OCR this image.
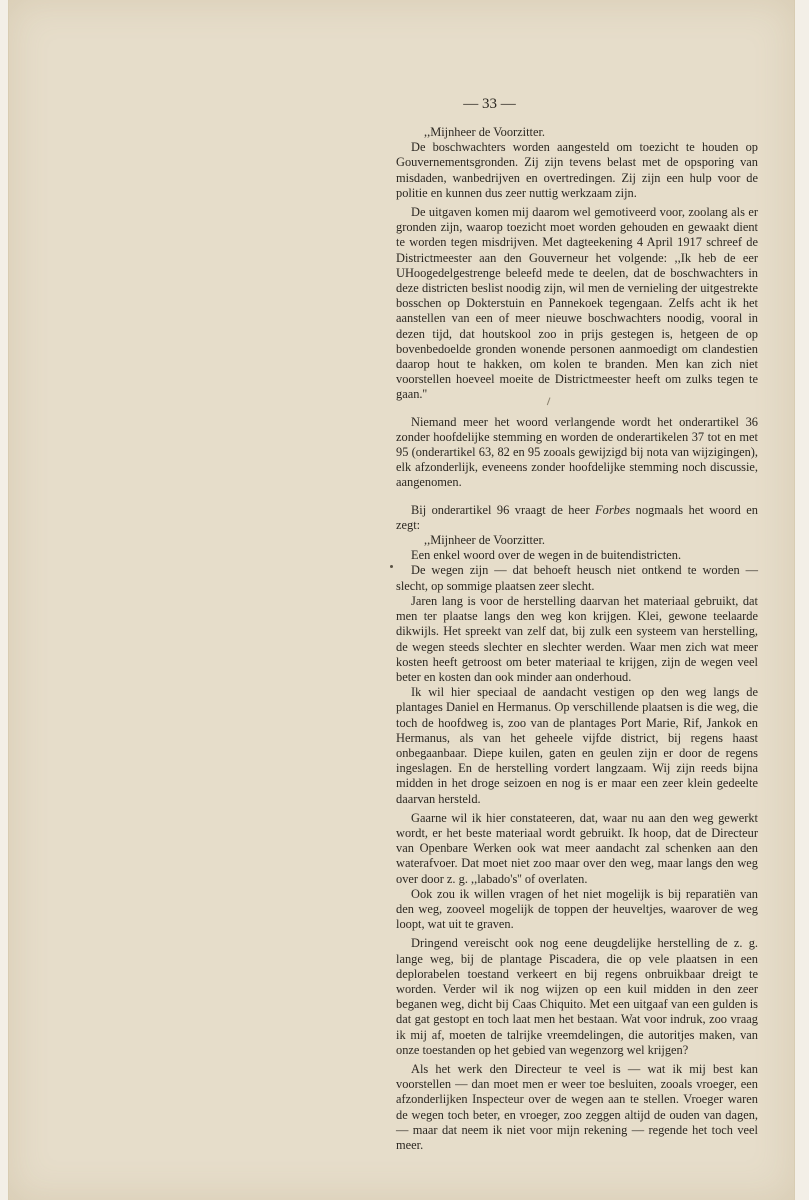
— 33 —

,,Mijnheer de Voorzitter.

De boschwachters worden aangesteld om toezicht te houden op Gouvernementsgronden. Zij zijn tevens belast met de opsporing van misdaden, wanbedrijven en overtredingen. Zij zijn een hulp voor de politie en kunnen dus zeer nuttig werkzaam zijn.

De uitgaven komen mij daarom wel gemotiveerd voor, zoolang als er gronden zijn, waarop toezicht moet worden gehouden en gewaakt dient te worden tegen misdrijven. Met dagteekening 4 April 1917 schreef de Districtmeester aan den Gouverneur het volgende: ,,Ik heb de eer UHoogedelgestrenge beleefd mede te deelen, dat de boschwachters in deze districten beslist noodig zijn, wil men de vernieling der uitgestrekte bosschen op Dokterstuin en Pannekoek tegengaan. Zelfs acht ik het aanstellen van een of meer nieuwe boschwachters noodig, vooral in dezen tijd, dat houtskool zoo in prijs gestegen is, hetgeen de op bovenbedoelde gronden wonende personen aanmoedigt om clandestien daarop hout te hakken, om kolen te branden. Men kan zich niet voorstellen hoeveel moeite de Districtmeester heeft om zulks tegen te gaan.''

Niemand meer het woord verlangende wordt het onderartikel 36 zonder hoofdelijke stemming en worden de onderartikelen 37 tot en met 95 (onderartikel 63, 82 en 95 zooals gewijzigd bij nota van wijzigingen), elk afzonderlijk, eveneens zonder hoofdelijke stemming noch discussie, aangenomen.

Bij onderartikel 96 vraagt de heer Forbes nogmaals het woord en zegt:

,,Mijnheer de Voorzitter.

Een enkel woord over de wegen in de buitendistricten.

De wegen zijn — dat behoeft heusch niet ontkend te worden — slecht, op sommige plaatsen zeer slecht.

Jaren lang is voor de herstelling daarvan het materiaal gebruikt, dat men ter plaatse langs den weg kon krijgen. Klei, gewone teelaarde dikwijls. Het spreekt van zelf dat, bij zulk een systeem van herstelling, de wegen steeds slechter en slechter werden. Waar men zich wat meer kosten heeft getroost om beter materiaal te krijgen, zijn de wegen veel beter en kosten dan ook minder aan onderhoud.

Ik wil hier speciaal de aandacht vestigen op den weg langs de plantages Daniel en Hermanus. Op verschillende plaatsen is die weg, die toch de hoofdweg is, zoo van de plantages Port Marie, Rif, Jankok en Hermanus, als van het geheele vijfde district, bij regens haast onbegaanbaar. Diepe kuilen, gaten en geulen zijn er door de regens ingeslagen. En de herstelling vordert langzaam. Wij zijn reeds bijna midden in het droge seizoen en nog is er maar een zeer klein gedeelte daarvan hersteld.

Gaarne wil ik hier constateeren, dat, waar nu aan den weg gewerkt wordt, er het beste materiaal wordt gebruikt. Ik hoop, dat de Directeur van Openbare Werken ook wat meer aandacht zal schenken aan den waterafvoer. Dat moet niet zoo maar over den weg, maar langs den weg over door z. g. ,,labado's'' of overlaten.

Ook zou ik willen vragen of het niet mogelijk is bij reparatiën van den weg, zooveel mogelijk de toppen der heuveltjes, waarover de weg loopt, wat uit te graven.

Dringend vereischt ook nog eene deugdelijke herstelling de z. g. lange weg, bij de plantage Piscadera, die op vele plaatsen in een deplorabelen toestand verkeert en bij regens onbruikbaar dreigt te worden. Verder wil ik nog wijzen op een kuil midden in den zeer beganen weg, dicht bij Caas Chiquito. Met een uitgaaf van een gulden is dat gat gestopt en toch laat men het bestaan. Wat voor indruk, zoo vraag ik mij af, moeten de talrijke vreemdelingen, die autoritjes maken, van onze toestanden op het gebied van wegenzorg wel krijgen?

Als het werk den Directeur te veel is — wat ik mij best kan voorstellen — dan moet men er weer toe besluiten, zooals vroeger, een afzonderlijken Inspecteur over de wegen aan te stellen. Vroeger waren de wegen toch beter, en vroeger, zoo zeggen altijd de ouden van dagen, — maar dat neem ik niet voor mijn rekening — regende het toch veel meer.
